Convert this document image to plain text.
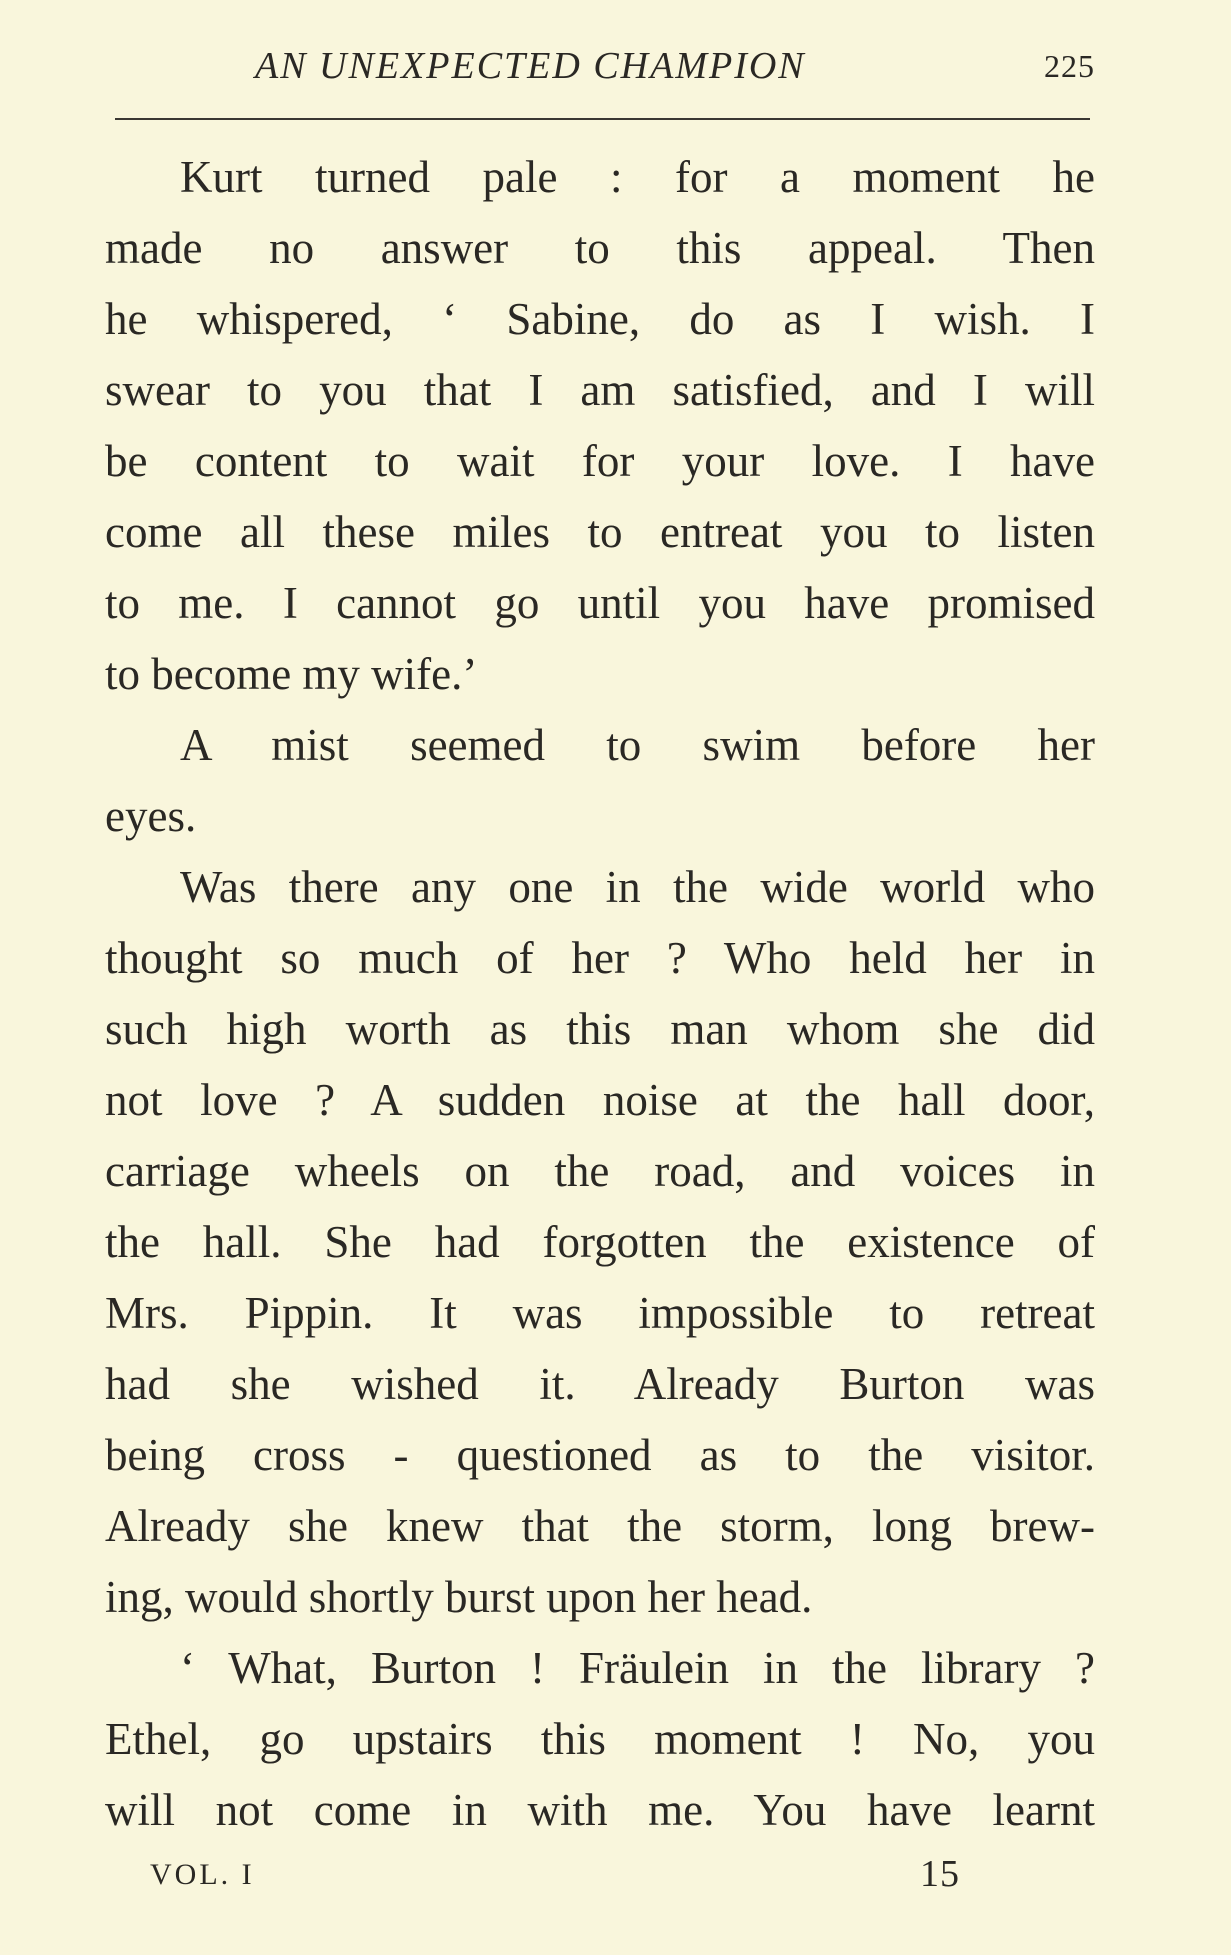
AN UNEXPECTED CHAMPION	225
Kurt turned pale : for a moment he
made no answer to this appeal. Then
he whispered, ‘ Sabine, do as I wish. I
swear to you that I am satisfied, and I will
be content to wait for your love. I have
come all these miles to entreat you to listen
to me. I cannot go until you have promised
to become my wife.’
A mist seemed to swim before her
eyes.
Was there any one in the wide world who
thought so much of her ? Who held her in
such high worth as this man whom she did
not love ? A sudden noise at the hall door,
carriage wheels on the road, and voices in
the hall. She had forgotten the existence of
Mrs. Pippin. It was impossible to retreat
had she wished it. Already Burton was
being cross - questioned as to the visitor.
Already she knew that the storm, long brew-
ing, would shortly burst upon her head.
‘ What, Burton ! Fräulein in the library ?
Ethel, go upstairs this moment ! No, you
will not come in with me. You have learnt
VOL. I	15
